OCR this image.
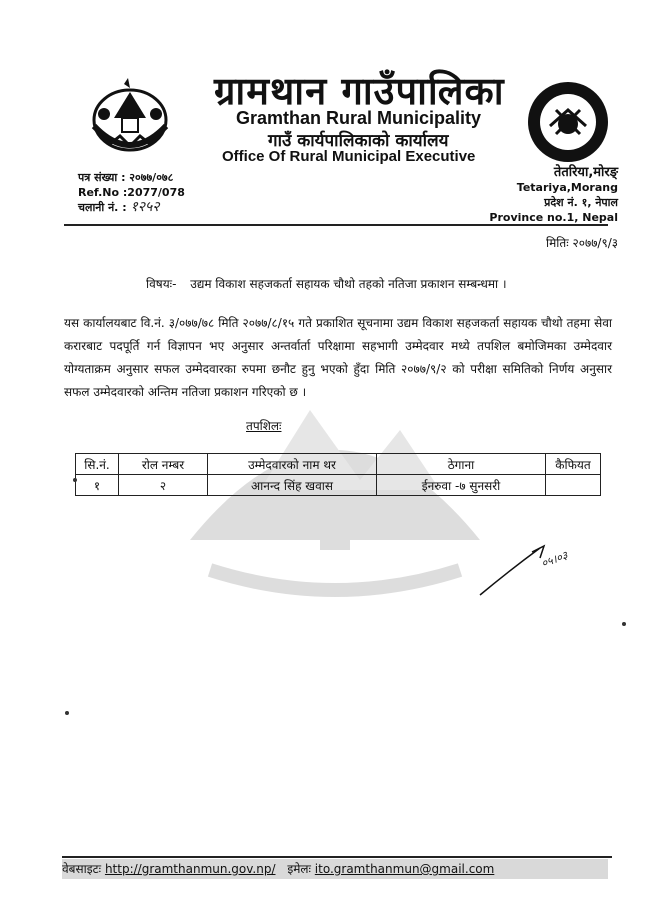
ग्रामथान गाउँपालिका
Gramthan Rural Municipality
गाउँ कार्यपालिकाको कार्यालय
Office Of Rural Municipal Executive
पत्र संख्या : २०७७/०७८
Ref.No :2077/078
चलानी नं. : १२५२
तेतरिया,मोरङ्
Tetariya,Morang
प्रदेश नं. १, नेपाल
Province no.1, Nepal
मितिः २०७७/९/३
विषयः- उद्यम विकाश सहजकर्ता सहायक चौथो तहको नतिजा प्रकाशन सम्बन्धमा ।
यस कार्यालयबाट वि.नं. ३/०७७/७८ मिति २०७७/८/१५ गते प्रकाशित सूचनामा उद्यम विकाश सहजकर्ता सहायक चौथो तहमा सेवा करारबाट पदपूर्ति गर्न विज्ञापन भए अनुसार अन्तर्वार्ता परिक्षामा सहभागी उम्मेदवार मध्ये तपशिल बमोजिमका उम्मेदवार योग्यताक्रम अनुसार सफल उम्मेदवारका रुपमा छनौट हुनु भएको हुँदा मिति २०७७/९/२ को परीक्षा समितिको निर्णय अनुसार सफल उम्मेदवारको अन्तिम नतिजा प्रकाशन गरिएको छ ।
तपशिलः
सि.नं.	रोल नम्बर	उम्मेदवारको नाम थर	ठेगाना	कैफियत
१	२	आनन्द सिंह खवास	ईनरुवा -७ सुनसरी	
०५।०३
वेबसाइटः http://gramthanmun.gov.np/ इमेलः ito.gramthanmun@gmail.com
